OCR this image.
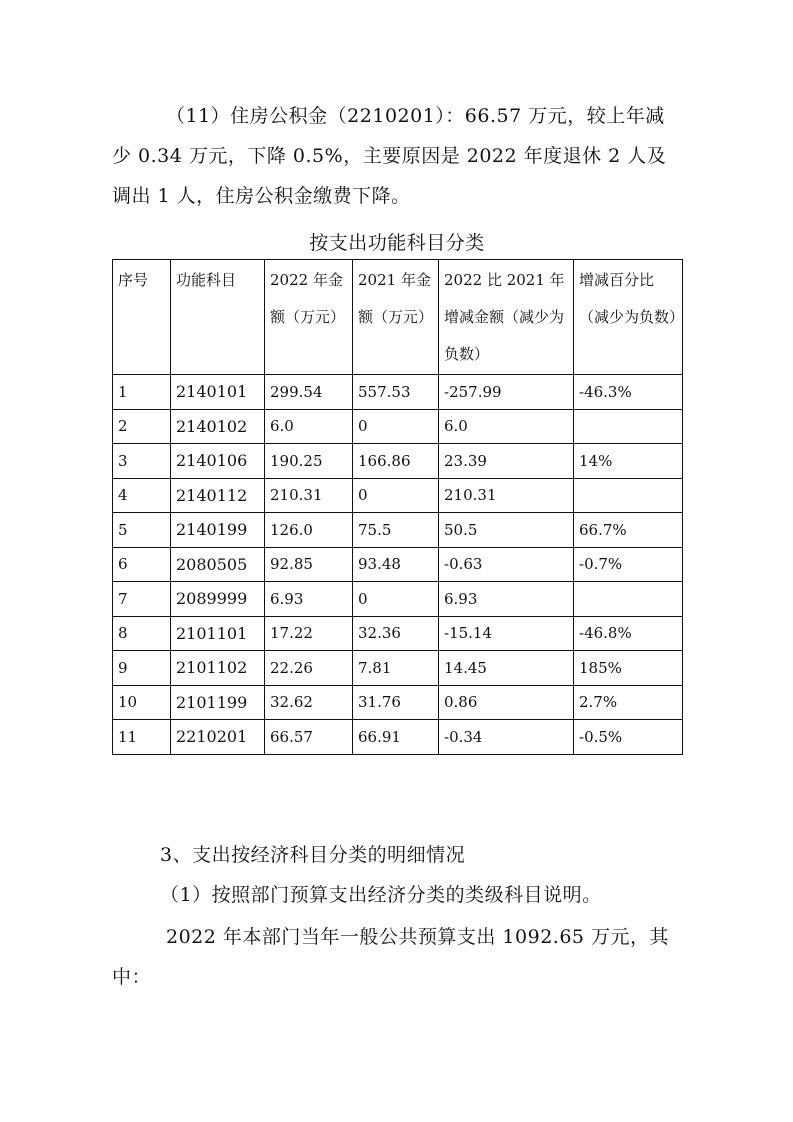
（11）住房公积金（2210201）：66.57 万元，较上年减
少 0.34 万元，下降 0.5%，主要原因是 2022 年度退休 2 人及
调出 1 人，住房公积金缴费下降。
按支出功能科目分类
序号	功能科目	2022 年金额（万元）	2021 年金额（万元）	2022 比 2021 年增减金额（减少为负数）	增减百分比（减少为负数）
1	2140101	299.54	557.53	-257.99	-46.3%
2	2140102	6.0	0	6.0	
3	2140106	190.25	166.86	23.39	14%
4	2140112	210.31	0	210.31	
5	2140199	126.0	75.5	50.5	66.7%
6	2080505	92.85	93.48	-0.63	-0.7%
7	2089999	6.93	0	6.93	
8	2101101	17.22	32.36	-15.14	-46.8%
9	2101102	22.26	7.81	14.45	185%
10	2101199	32.62	31.76	0.86	2.7%
11	2210201	66.57	66.91	-0.34	-0.5%

3、支出按经济科目分类的明细情况

（1）按照部门预算支出经济分类的类级科目说明。

2022 年本部门当年一般公共预算支出 1092.65 万元，其
中：
